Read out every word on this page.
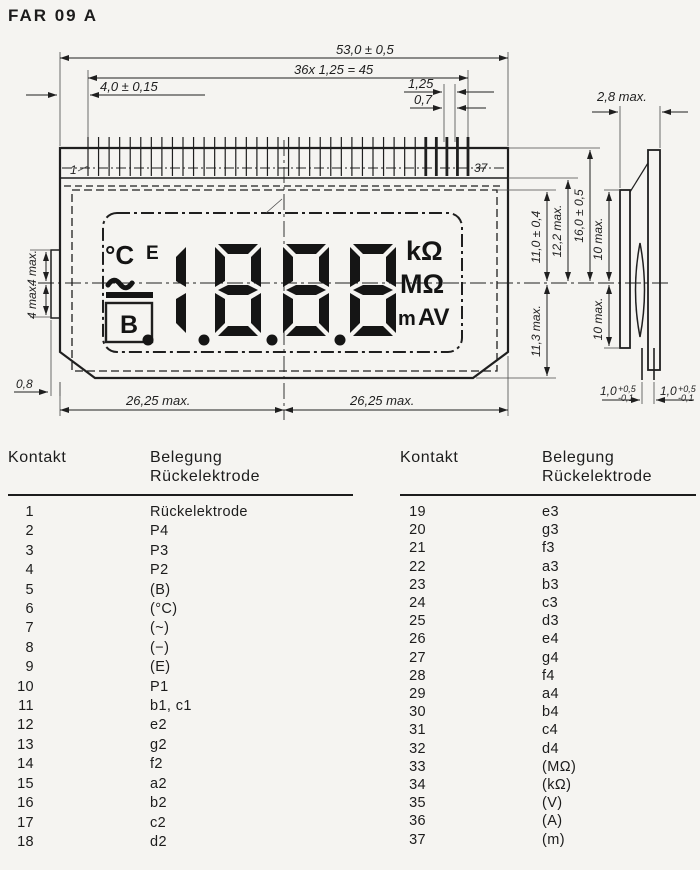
FAR 09 A
53,0 ± 0,5
36x 1,25 = 45
4,0 ± 0,15	1,25
0,7
1	37
4 max.
4 max.
0,8
26,25 max.	26,25 max.
11,0 ± 0,4 12,2 max. 16,0 ± 0,5
11,3 max.
°C E
B
kΩ
MΩ
m AV
2,8 max.
10 max.
10 max.
1,0 +0,5
-0,1 1,0 +0,5
-0,1
Kontakt	Belegung
Rückelektrode
1	Rückelektrode
2	P4
3	P3
4	P2
5	(B)
6	(°C)
7	(~)
8	(−)
9	(E)
10	P1
11	b1, c1
12	e2
13	g2
14	f2
15	a2
16	b2
17	c2
18	d2
Kontakt	Belegung
Rückelektrode
19	e3
20	g3
21	f3
22	a3
23	b3
24	c3
25	d3
26	e4
27	g4
28	f4
29	a4
30	b4
31	c4
32	d4
33	(MΩ)
34	(kΩ)
35	(V)
36	(A)
37	(m)
